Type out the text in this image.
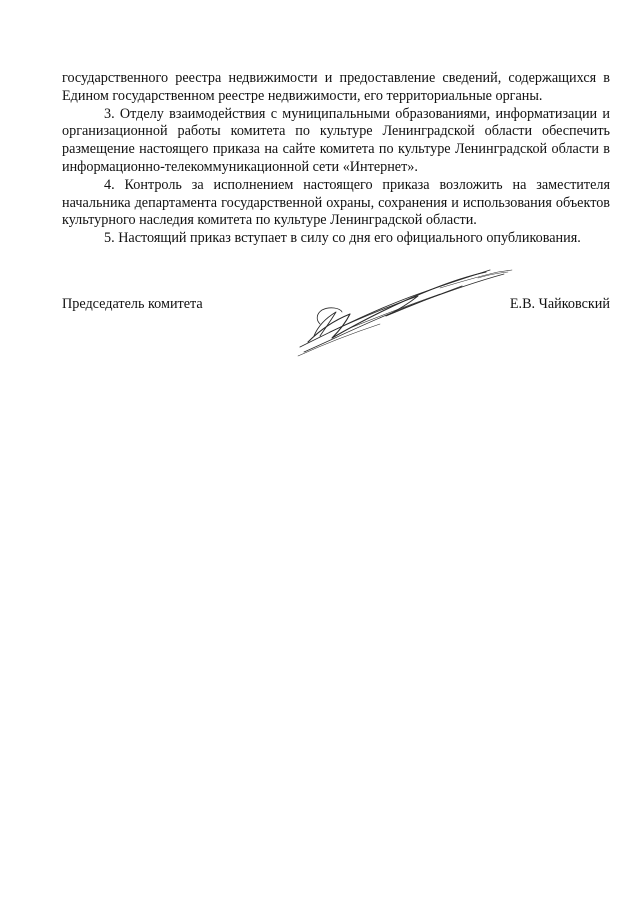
государственного реестра недвижимости и предоставление сведений, содержащихся в Едином государственном реестре недвижимости, его территориальные органы.

3. Отделу взаимодействия с муниципальными образованиями, информатизации и организационной работы комитета по культуре Ленинградской области обеспечить размещение настоящего приказа на сайте комитета по культуре Ленинградской области в информационно-телекоммуникационной сети «Интернет».

4. Контроль за исполнением настоящего приказа возложить на заместителя начальника департамента государственной охраны, сохранения и использования объектов культурного наследия комитета по культуре Ленинградской области.

5. Настоящий приказ вступает в силу со дня его официального опубликования.

Председатель комитета	Е.В. Чайковский
